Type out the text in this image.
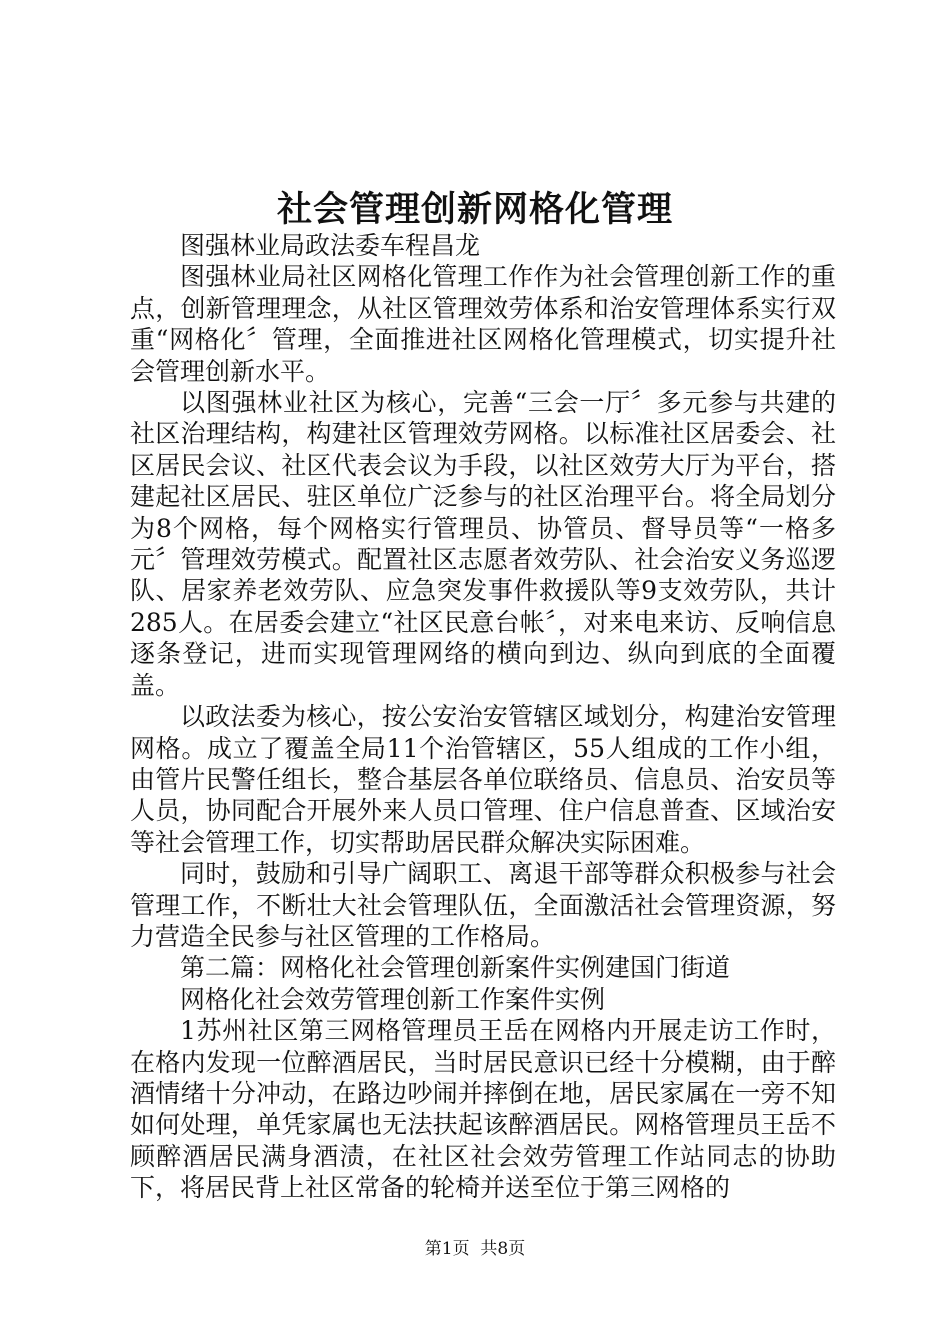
社会管理创新网格化管理

图强林业局政法委车程昌龙

图强林业局社区网格化管理工作作为社会管理创新工作的重点，创新管理理念，从社区管理效劳体系和治安管理体系实行双重“网格化〞管理，全面推进社区网格化管理模式，切实提升社会管理创新水平。

以图强林业社区为核心，完善“三会一厅〞多元参与共建的社区治理结构，构建社区管理效劳网格。以标准社区居委会、社区居民会议、社区代表会议为手段，以社区效劳大厅为平台，搭建起社区居民、驻区单位广泛参与的社区治理平台。将全局划分为8个网格，每个网格实行管理员、协管员、督导员等“一格多元〞管理效劳模式。配置社区志愿者效劳队、社会治安义务巡逻队、居家养老效劳队、应急突发事件救援队等9支效劳队，共计285人。在居委会建立“社区民意台帐〞，对来电来访、反响信息逐条登记，进而实现管理网络的横向到边、纵向到底的全面覆盖。

以政法委为核心，按公安治安管辖区域划分，构建治安管理网格。成立了覆盖全局11个治管辖区，55人组成的工作小组，由管片民警任组长，整合基层各单位联络员、信息员、治安员等人员，协同配合开展外来人员口管理、住户信息普查、区域治安等社会管理工作，切实帮助居民群众解决实际困难。

同时，鼓励和引导广阔职工、离退干部等群众积极参与社会管理工作，不断壮大社会管理队伍，全面激活社会管理资源，努力营造全民参与社区管理的工作格局。

第二篇：网格化社会管理创新案件实例建国门街道

网格化社会效劳管理创新工作案件实例

1苏州社区第三网格管理员王岳在网格内开展走访工作时，在格内发现一位醉酒居民，当时居民意识已经十分模糊，由于醉酒情绪十分冲动，在路边吵闹并摔倒在地，居民家属在一旁不知如何处理，单凭家属也无法扶起该醉酒居民。网格管理员王岳不顾醉酒居民满身酒渍，在社区社会效劳管理工作站同志的协助下，将居民背上社区常备的轮椅并送至位于第三网格的

第1页  共8页
